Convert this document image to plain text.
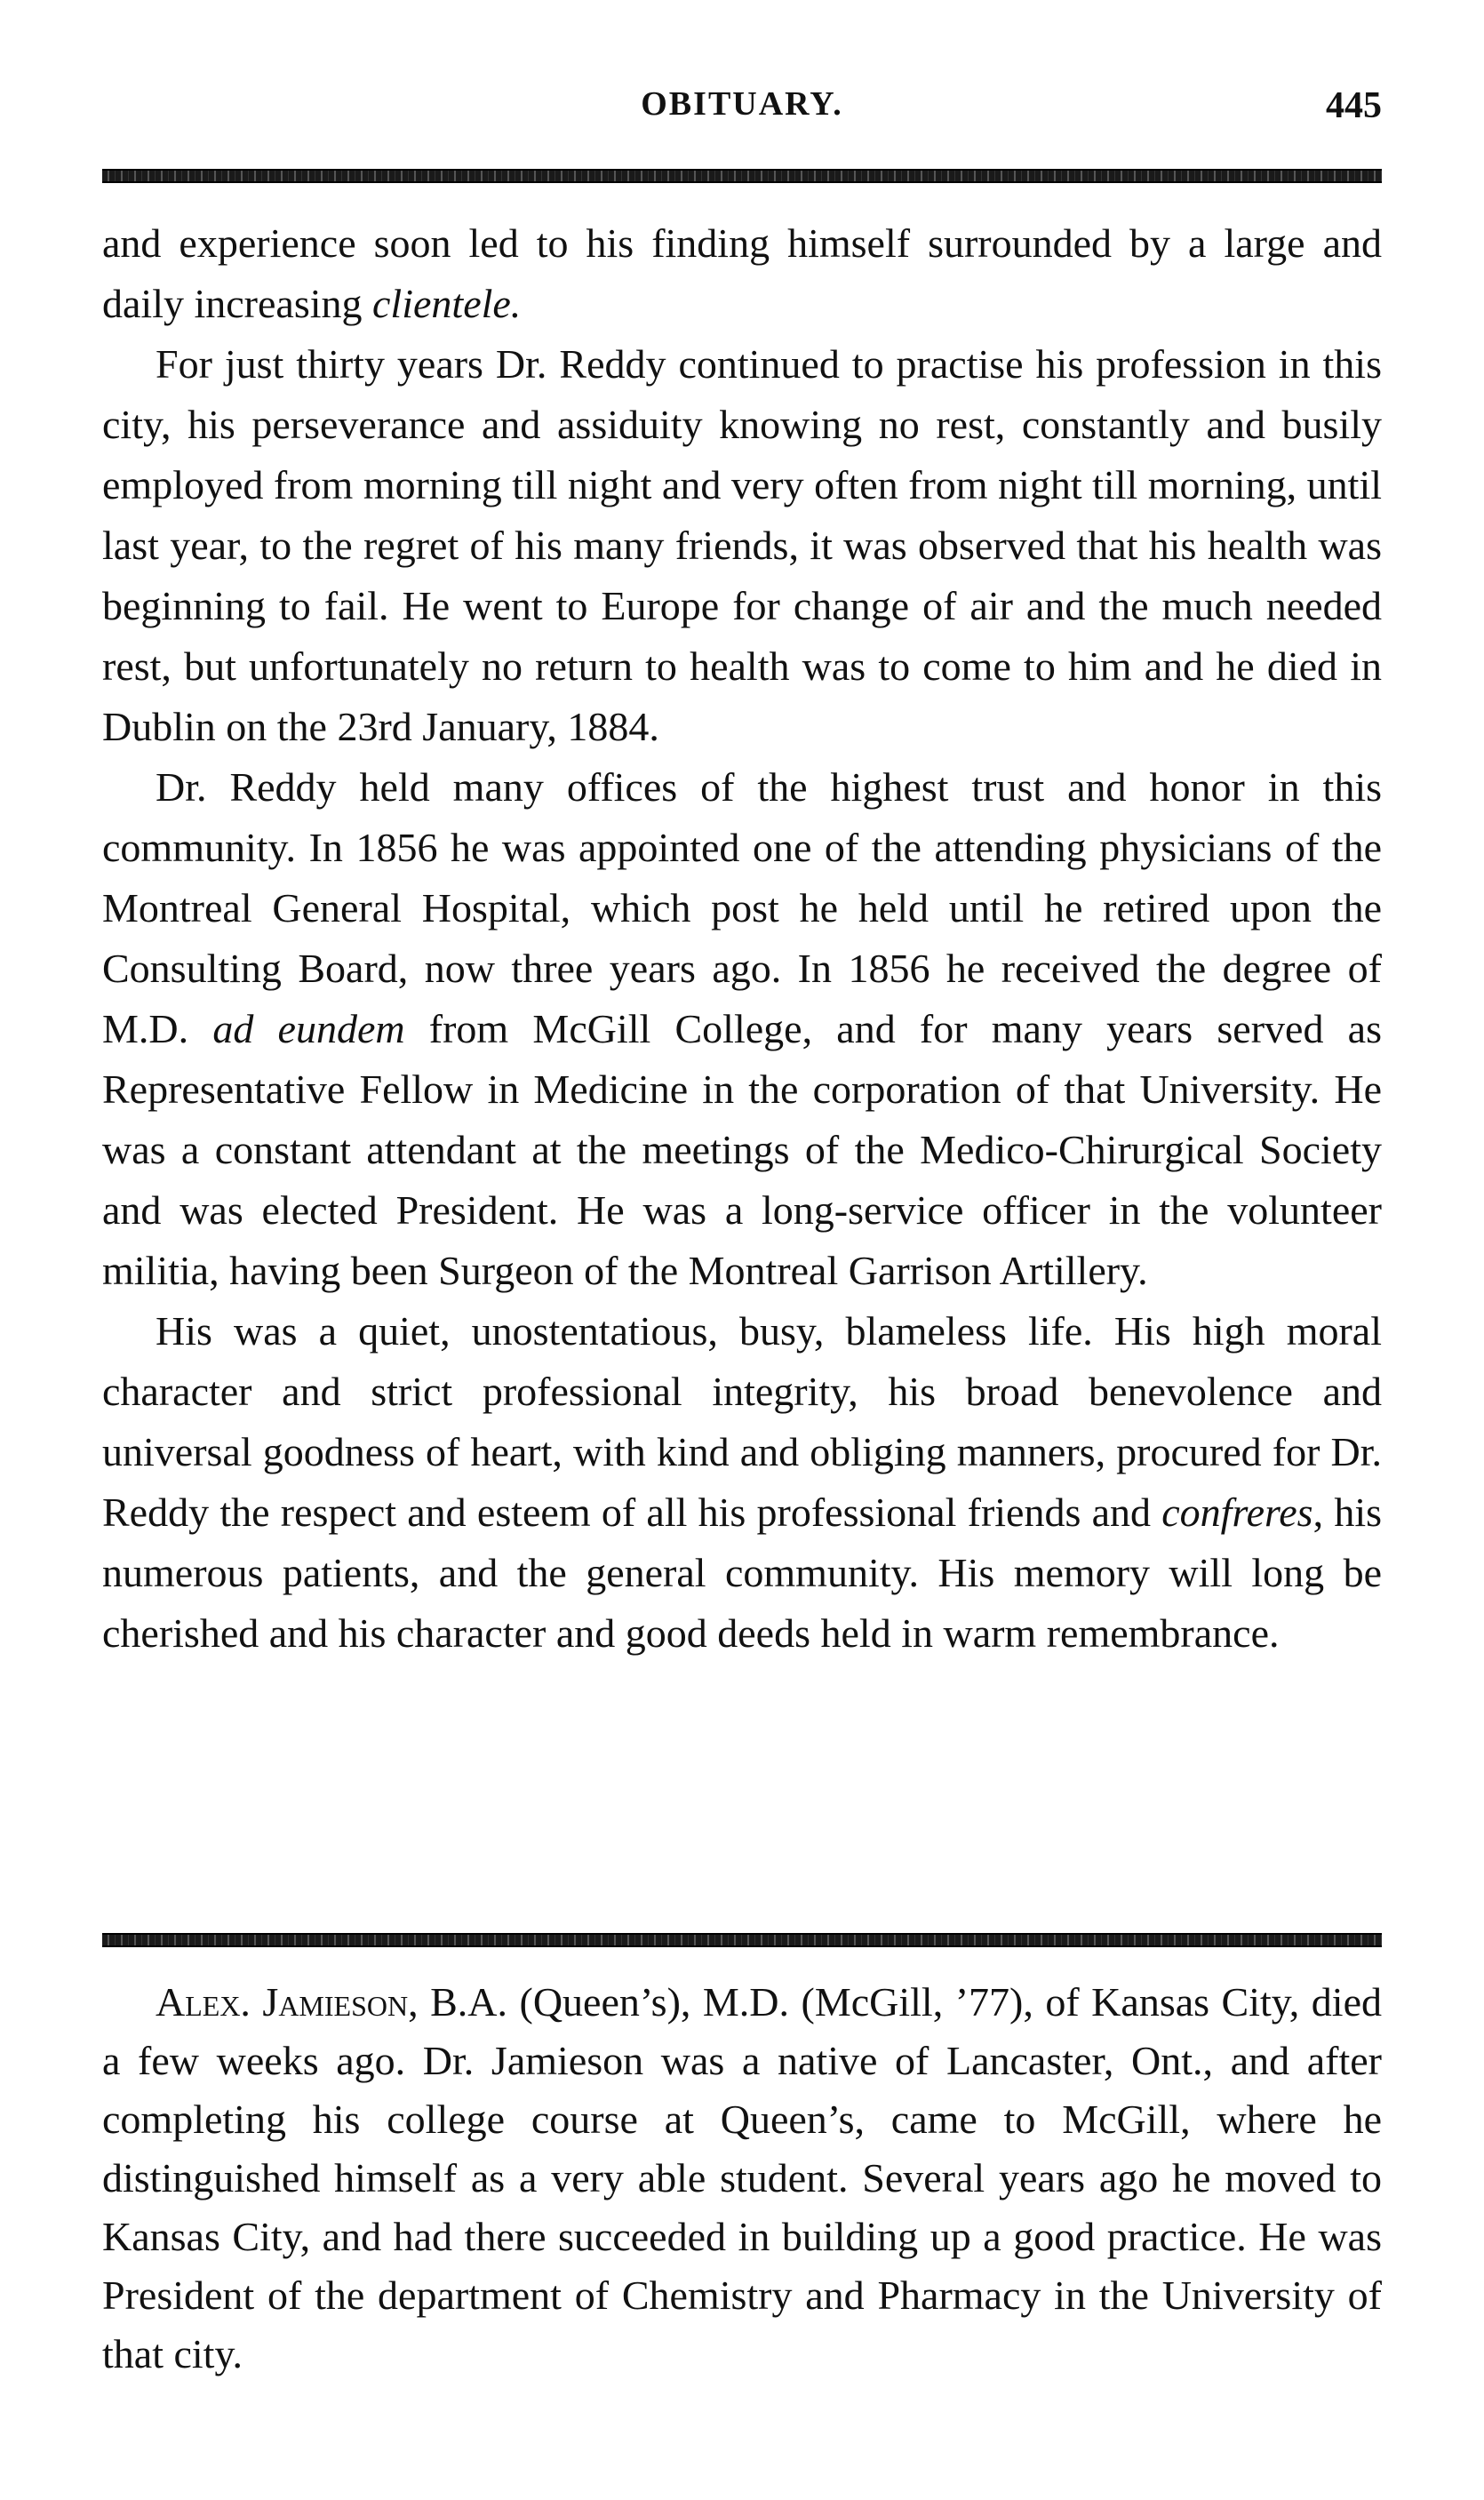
OBITUARY.	445

and experience soon led to his finding himself surrounded by a large and daily increasing clientele.

For just thirty years Dr. Reddy continued to practise his profession in this city, his perseverance and assiduity knowing no rest, constantly and busily employed from morning till night and very often from night till morning, until last year, to the regret of his many friends, it was observed that his health was beginning to fail. He went to Europe for change of air and the much needed rest, but unfortunately no return to health was to come to him and he died in Dublin on the 23rd January, 1884.

Dr. Reddy held many offices of the highest trust and honor in this community. In 1856 he was appointed one of the attending physicians of the Montreal General Hospital, which post he held until he retired upon the Consulting Board, now three years ago. In 1856 he received the degree of M.D. ad eundem from McGill College, and for many years served as Representative Fellow in Medicine in the corporation of that University. He was a constant attendant at the meetings of the Medico-Chirurgical Society and was elected President. He was a long-service officer in the volunteer militia, having been Surgeon of the Montreal Garrison Artillery.

His was a quiet, unostentatious, busy, blameless life. His high moral character and strict professional integrity, his broad benevolence and universal goodness of heart, with kind and obliging manners, procured for Dr. Reddy the respect and esteem of all his professional friends and confreres, his numerous patients, and the general community. His memory will long be cherished and his character and good deeds held in warm remembrance.

Alex. Jamieson, B.A. (Queen’s), M.D. (McGill, ’77), of Kansas City, died a few weeks ago. Dr. Jamieson was a native of Lancaster, Ont., and after completing his college course at Queen’s, came to McGill, where he distinguished himself as a very able student. Several years ago he moved to Kansas City, and had there succeeded in building up a good practice. He was President of the department of Chemistry and Pharmacy in the University of that city.
